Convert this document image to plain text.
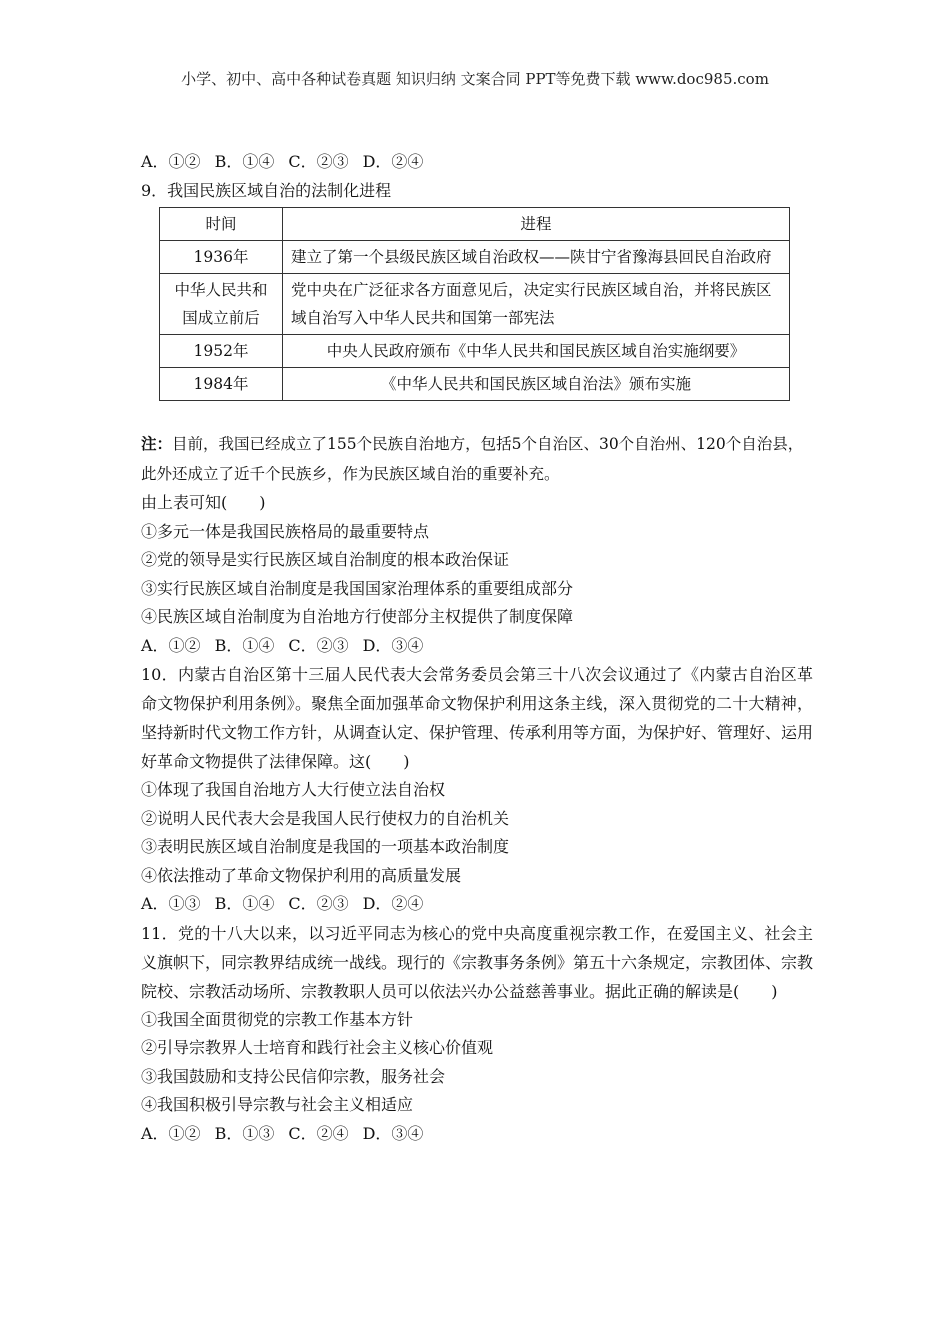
小学、初中、高中各种试卷真题 知识归纳 文案合同 PPT等免费下载 www.doc985.com
A．①② B．①④ C．②③ D．②④
9．我国民族区域自治的法制化进程
时间	进程
1936年	建立了第一个县级民族区域自治政权——陕甘宁省豫海县回民自治政府
中华人民共和国成立前后	党中央在广泛征求各方面意见后，决定实行民族区域自治，并将民族区域自治写入中华人民共和国第一部宪法
1952年	中央人民政府颁布《中华人民共和国民族区域自治实施纲要》
1984年	《中华人民共和国民族区域自治法》颁布实施
注：目前，我国已经成立了155个民族自治地方，包括5个自治区、30个自治州、120个自治县，此外还成立了近千个民族乡，作为民族区域自治的重要补充。
由上表可知(　　)
①多元一体是我国民族格局的最重要特点
②党的领导是实行民族区域自治制度的根本政治保证
③实行民族区域自治制度是我国国家治理体系的重要组成部分
④民族区域自治制度为自治地方行使部分主权提供了制度保障
A．①② B．①④ C．②③ D．③④
10．内蒙古自治区第十三届人民代表大会常务委员会第三十八次会议通过了《内蒙古自治区革命文物保护利用条例》。聚焦全面加强革命文物保护利用这条主线，深入贯彻党的二十大精神，坚持新时代文物工作方针，从调查认定、保护管理、传承利用等方面，为保护好、管理好、运用好革命文物提供了法律保障。这(　　)
①体现了我国自治地方人大行使立法自治权
②说明人民代表大会是我国人民行使权力的自治机关
③表明民族区域自治制度是我国的一项基本政治制度
④依法推动了革命文物保护利用的高质量发展
A．①③ B．①④ C．②③ D．②④
11．党的十八大以来，以习近平同志为核心的党中央高度重视宗教工作，在爱国主义、社会主义旗帜下，同宗教界结成统一战线。现行的《宗教事务条例》第五十六条规定，宗教团体、宗教院校、宗教活动场所、宗教教职人员可以依法兴办公益慈善事业。据此正确的解读是(　　)
①我国全面贯彻党的宗教工作基本方针
②引导宗教界人士培育和践行社会主义核心价值观
③我国鼓励和支持公民信仰宗教，服务社会
④我国积极引导宗教与社会主义相适应
A．①② B．①③ C．②④ D．③④
